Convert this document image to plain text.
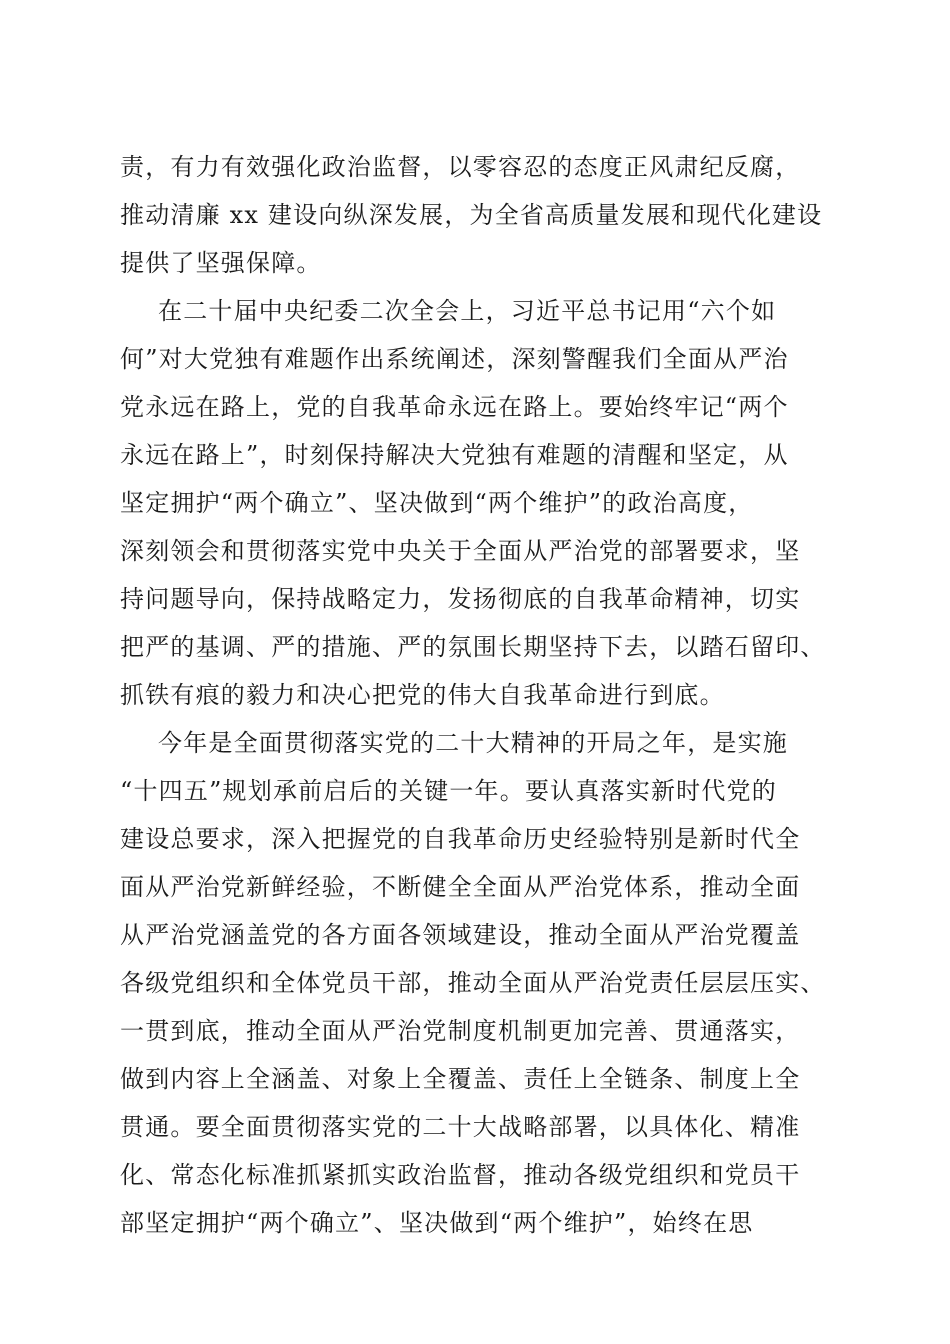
责，有力有效强化政治监督，以零容忍的态度正风肃纪反腐，
推动清廉 xx 建设向纵深发展，为全省高质量发展和现代化建设
提供了坚强保障。
在二十届中央纪委二次全会上，习近平总书记用“六个如
何”对大党独有难题作出系统阐述，深刻警醒我们全面从严治
党永远在路上，党的自我革命永远在路上。要始终牢记“两个
永远在路上”，时刻保持解决大党独有难题的清醒和坚定，从
坚定拥护“两个确立”、坚决做到“两个维护”的政治高度，
深刻领会和贯彻落实党中央关于全面从严治党的部署要求，坚
持问题导向，保持战略定力，发扬彻底的自我革命精神，切实
把严的基调、严的措施、严的氛围长期坚持下去，以踏石留印、
抓铁有痕的毅力和决心把党的伟大自我革命进行到底。
今年是全面贯彻落实党的二十大精神的开局之年，是实施
“十四五”规划承前启后的关键一年。要认真落实新时代党的
建设总要求，深入把握党的自我革命历史经验特别是新时代全
面从严治党新鲜经验，不断健全全面从严治党体系，推动全面
从严治党涵盖党的各方面各领域建设，推动全面从严治党覆盖
各级党组织和全体党员干部，推动全面从严治党责任层层压实、
一贯到底，推动全面从严治党制度机制更加完善、贯通落实，
做到内容上全涵盖、对象上全覆盖、责任上全链条、制度上全
贯通。要全面贯彻落实党的二十大战略部署，以具体化、精准
化、常态化标准抓紧抓实政治监督，推动各级党组织和党员干
部坚定拥护“两个确立”、坚决做到“两个维护”，始终在思
